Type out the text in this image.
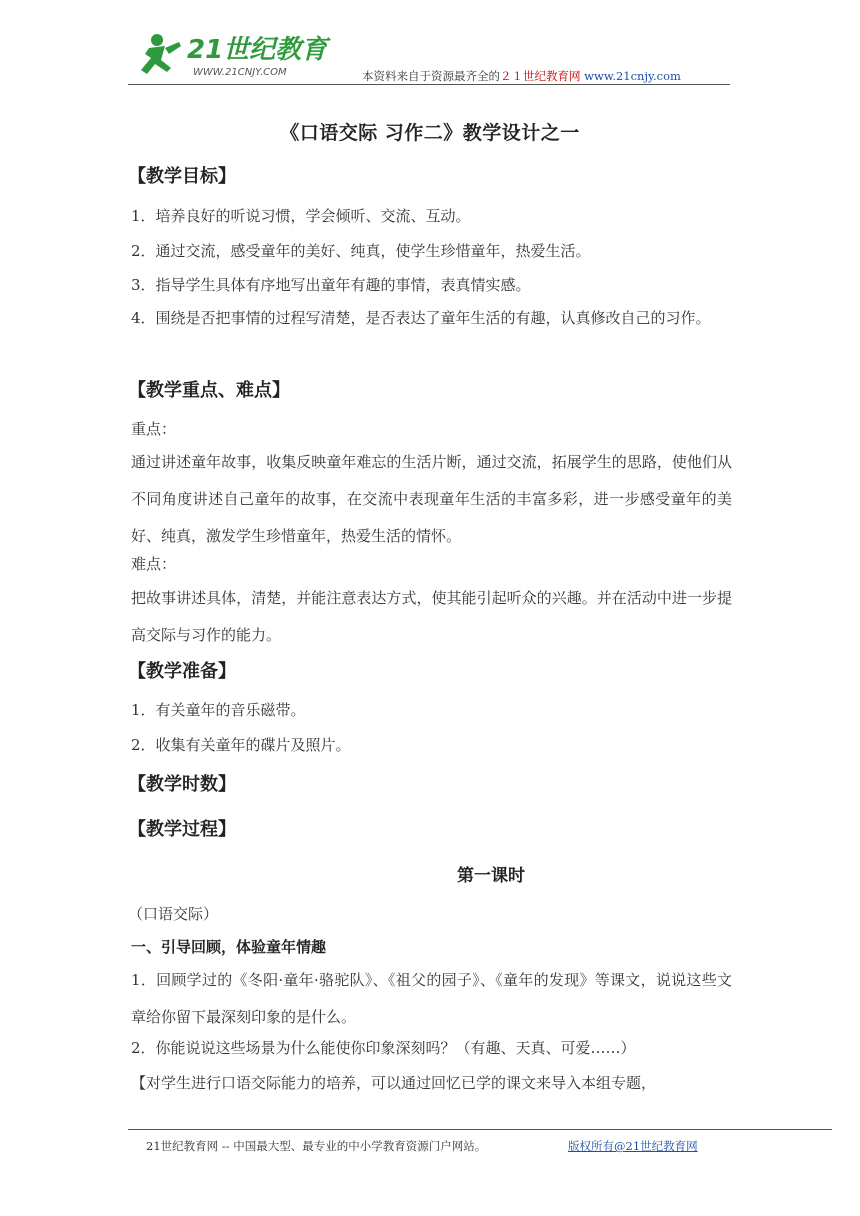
21世纪教育
WWW.21CNJY.COM	本资料来自于资源最齐全的２１世纪教育网 www.21cnjy.com
《口语交际 习作二》教学设计之一
【教学目标】
1．培养良好的听说习惯，学会倾听、交流、互动。
2．通过交流，感受童年的美好、纯真，使学生珍惜童年，热爱生活。
3．指导学生具体有序地写出童年有趣的事情，表真情实感。
4．围绕是否把事情的过程写清楚，是否表达了童年生活的有趣，认真修改自己的习作。
【教学重点、难点】
重点：
通过讲述童年故事，收集反映童年难忘的生活片断，通过交流，拓展学生的思路，使他们从不同角度讲述自己童年的故事，在交流中表现童年生活的丰富多彩，进一步感受童年的美好、纯真，激发学生珍惜童年，热爱生活的情怀。
难点：
把故事讲述具体，清楚，并能注意表达方式，使其能引起听众的兴趣。并在活动中进一步提高交际与习作的能力。
【教学准备】
1．有关童年的音乐磁带。
2．收集有关童年的碟片及照片。
【教学时数】
【教学过程】
第一课时
（口语交际）
一、引导回顾，体验童年情趣
1．回顾学过的《冬阳·童年·骆驼队》、《祖父的园子》、《童年的发现》等课文，说说这些文章给你留下最深刻印象的是什么。
2．你能说说这些场景为什么能使你印象深刻吗？（有趣、天真、可爱……）
【对学生进行口语交际能力的培养，可以通过回忆已学的课文来导入本组专题，
21世纪教育网 -- 中国最大型、最专业的中小学教育资源门户网站。	版权所有@21世纪教育网
